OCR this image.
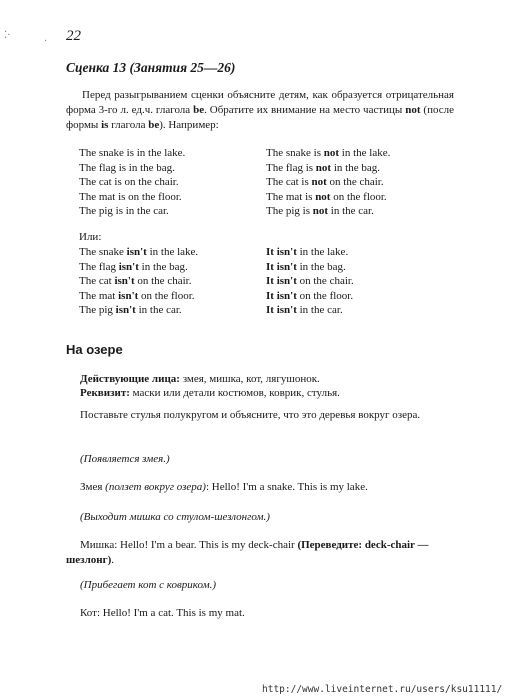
⁚·
· 22
Сценка 13 (Занятия 25—26)
Перед разыгрыванием сценки объясните детям, как образуется отрицательная форма 3-го л. ед.ч. глагола be. Обратите их внимание на место частицы not (после формы is глагола be). Например:
The snake is in the lake.
The flag is in the bag.
The cat is on the chair.
The mat is on the floor.
The pig is in the car.
The snake is not in the lake.
The flag is not in the bag.
The cat is not on the chair.
The mat is not on the floor.
The pig is not in the car.
Или:
The snake isn't in the lake.
The flag isn't in the bag.
The cat isn't on the chair.
The mat isn't on the floor.
The pig isn't in the car.
It isn't in the lake.
It isn't in the bag.
It isn't on the chair.
It isn't on the floor.
It isn't in the car.
На озере
Действующие лица: змея, мишка, кот, лягушонок.
Реквизит: маски или детали костюмов, коврик, стулья.
Поставьте стулья полукругом и объясните, что это деревья вокруг озера.
(Появляется змея.)
Змея (ползет вокруг озера): Hello! I'm a snake. This is my lake.
(Выходит мишка со стулом-шезлонгом.)
Мишка: Hello! I'm a bear. This is my deck-chair (Переведите: deck-chair — шезлонг).
(Прибегает кот с ковриком.)
Кот: Hello! I'm a cat. This is my mat.
http://www.liveinternet.ru/users/ksu11111/
